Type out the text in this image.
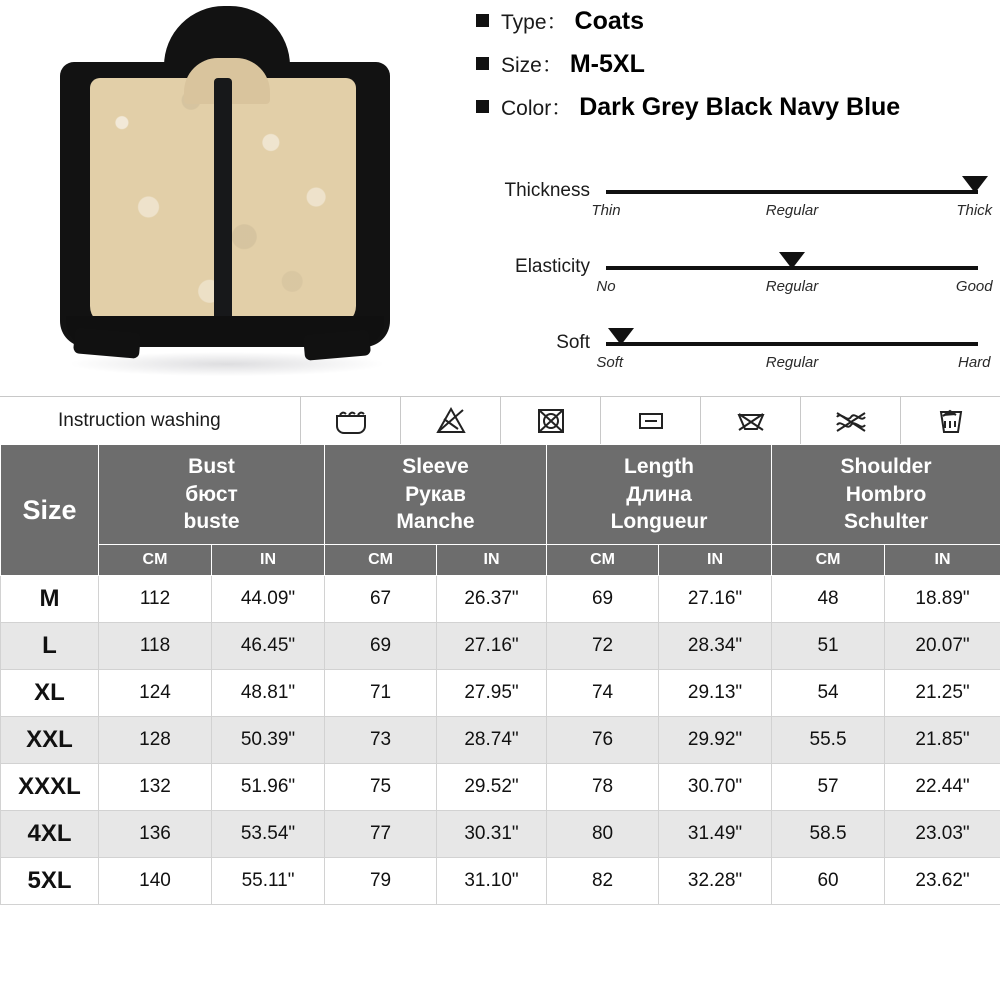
Type： Coats
Size： M-5XL
Color： Dark Grey Black Navy Blue
Thickness
Thin	Regular	Thick
Elasticity
No	Regular	Good
Soft
Soft	Regular	Hard
Instruction washing
Size	
Bust
бюст
buste

Sleeve
Рукав
Manche

Length
Длина
Longueur

Shoulder
Hombro
Schulter

	CM	IN	CM	IN	CM	IN	CM	IN
M	112	44.09"	67	26.37"	69	27.16"	48	18.89"
L	118	46.45"	69	27.16"	72	28.34"	51	20.07"
XL	124	48.81"	71	27.95"	74	29.13"	54	21.25"
XXL	128	50.39"	73	28.74"	76	29.92"	55.5	21.85"
XXXL	132	51.96"	75	29.52"	78	30.70"	57	22.44"
4XL	136	53.54"	77	30.31"	80	31.49"	58.5	23.03"
5XL	140	55.11"	79	31.10"	82	32.28"	60	23.62"
